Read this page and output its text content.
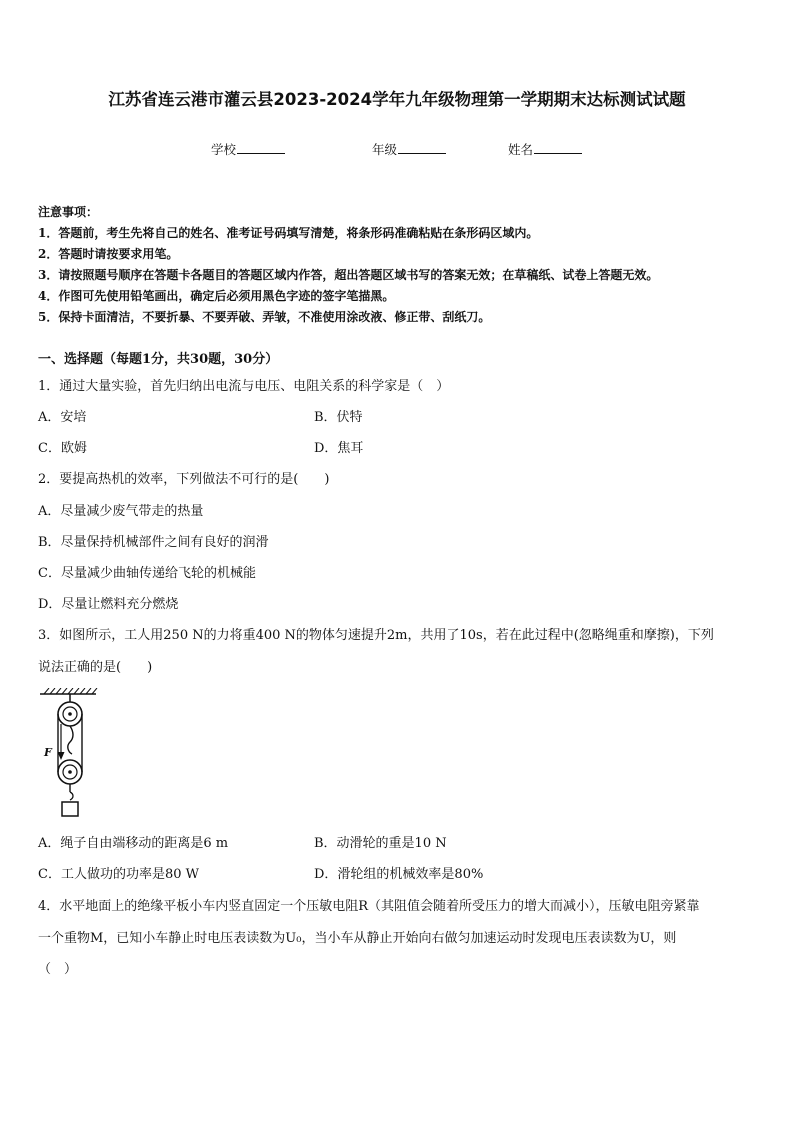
江苏省连云港市灌云县2023-2024学年九年级物理第一学期期末达标测试试题
学校	年级	姓名
注意事项：
1．答题前，考生先将自己的姓名、准考证号码填写清楚，将条形码准确粘贴在条形码区域内。
2．答题时请按要求用笔。
3．请按照题号顺序在答题卡各题目的答题区域内作答，超出答题区域书写的答案无效；在草稿纸、试卷上答题无效。
4．作图可先使用铅笔画出，确定后必须用黑色字迹的签字笔描黑。
5．保持卡面清洁，不要折暴、不要弄破、弄皱，不准使用涂改液、修正带、刮纸刀。
一、选择题（每题1分，共30题，30分）
1．通过大量实验，首先归纳出电流与电压、电阻关系的科学家是（　）
A．安培	B．伏特
C．欧姆	D．焦耳
2．要提高热机的效率，下列做法不可行的是(　　)
A．尽量减少废气带走的热量
B．尽量保持机械部件之间有良好的润滑
C．尽量减少曲轴传递给飞轮的机械能
D．尽量让燃料充分燃烧
3．如图所示，工人用250 N的力将重400 N的物体匀速提升2m，共用了10s，若在此过程中(忽略绳重和摩擦)，下列
说法正确的是(　　)
F
A．绳子自由端移动的距离是6 m	B．动滑轮的重是10 N
C．工人做功的功率是80 W	D．滑轮组的机械效率是80%
4．水平地面上的绝缘平板小车内竖直固定一个压敏电阻R（其阻值会随着所受压力的增大而减小），压敏电阻旁紧靠
一个重物M，已知小车静止时电压表读数为U₀，当小车从静止开始向右做匀加速运动时发现电压表读数为U，则
（　）
